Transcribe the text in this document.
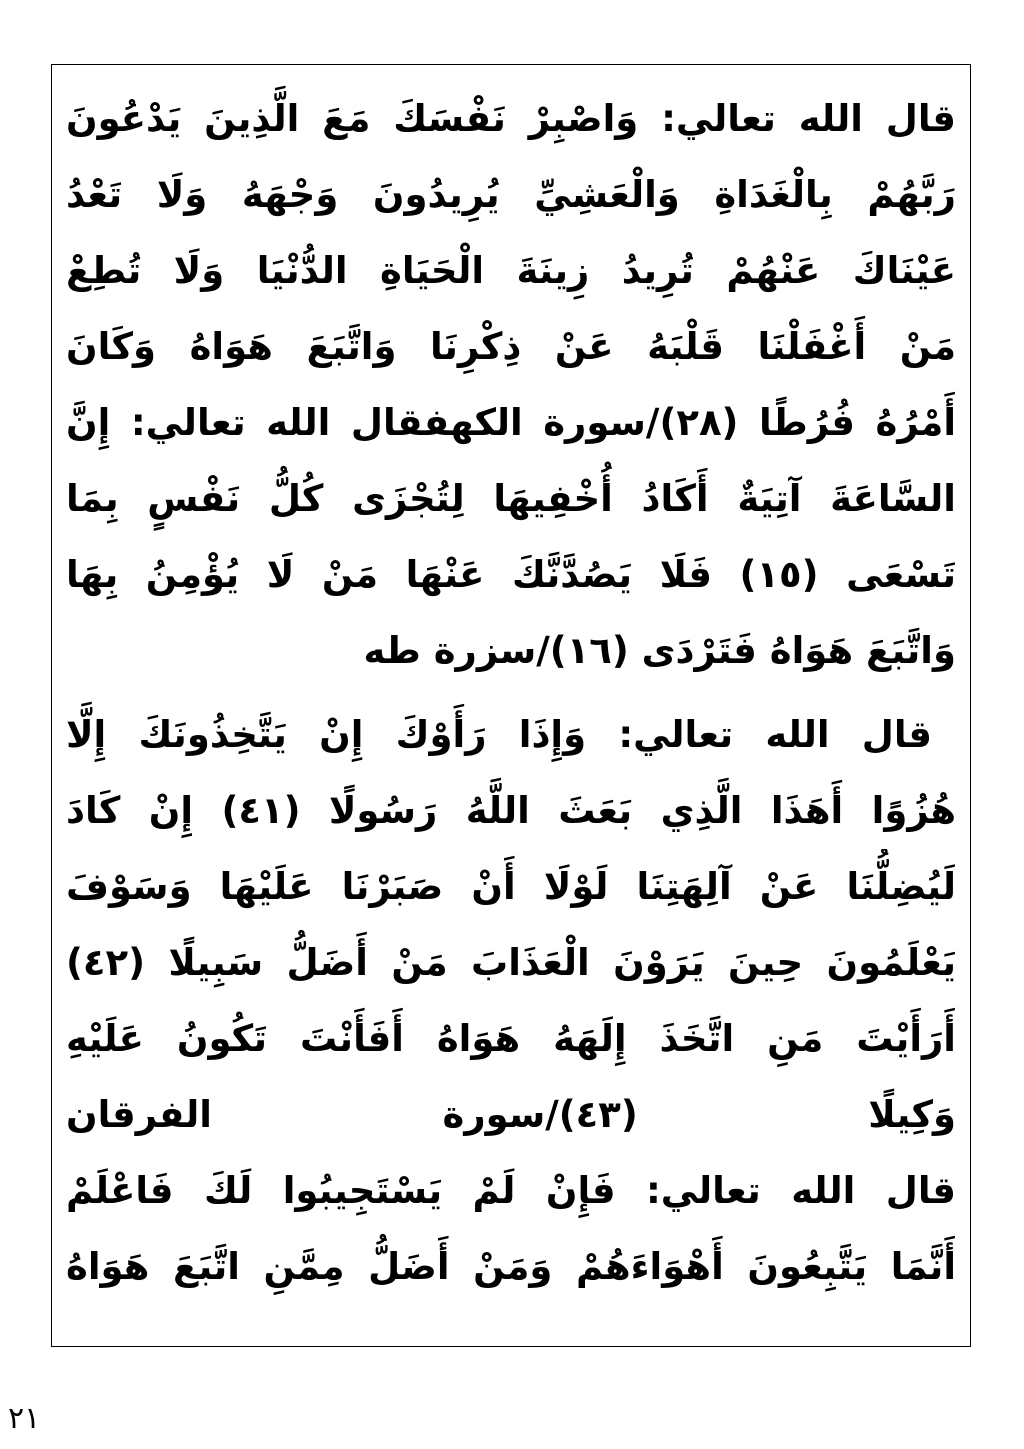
قال الله تعالي: وَاصْبِرْ نَفْسَكَ مَعَ الَّذِينَ يَدْعُونَ
رَبَّهُمْ بِالْغَدَاةِ وَالْعَشِيِّ يُرِيدُونَ وَجْهَهُ وَلَا تَعْدُ
عَيْنَاكَ عَنْهُمْ تُرِيدُ زِينَةَ الْحَيَاةِ الدُّنْيَا وَلَا تُطِعْ
مَنْ أَغْفَلْنَا قَلْبَهُ عَنْ ذِكْرِنَا وَاتَّبَعَ هَوَاهُ وَكَانَ
أَمْرُهُ فُرُطًا (٢٨)/سورة الكهفقال الله تعالي: إِنَّ
السَّاعَةَ آتِيَةٌ أَكَادُ أُخْفِيهَا لِتُجْزَى كُلُّ نَفْسٍ بِمَا
تَسْعَى (١٥) فَلَا يَصُدَّنَّكَ عَنْهَا مَنْ لَا يُؤْمِنُ بِهَا
وَاتَّبَعَ هَوَاهُ فَتَرْدَى (١٦)/سزرة طه
قال الله تعالي: وَإِذَا رَأَوْكَ إِنْ يَتَّخِذُونَكَ إِلَّا
هُزُوًا أَهَذَا الَّذِي بَعَثَ اللَّهُ رَسُولًا (٤١) إِنْ كَادَ
لَيُضِلُّنَا عَنْ آلِهَتِنَا لَوْلَا أَنْ صَبَرْنَا عَلَيْهَا وَسَوْفَ
يَعْلَمُونَ حِينَ يَرَوْنَ الْعَذَابَ مَنْ أَضَلُّ سَبِيلًا (٤٢)
أَرَأَيْتَ مَنِ اتَّخَذَ إِلَهَهُ هَوَاهُ أَفَأَنْتَ تَكُونُ عَلَيْهِ
وَكِيلًا (٤٣)/سورة الفرقان
قال الله تعالي: فَإِنْ لَمْ يَسْتَجِيبُوا لَكَ فَاعْلَمْ
أَنَّمَا يَتَّبِعُونَ أَهْوَاءَهُمْ وَمَنْ أَضَلُّ مِمَّنِ اتَّبَعَ هَوَاهُ
٢١
